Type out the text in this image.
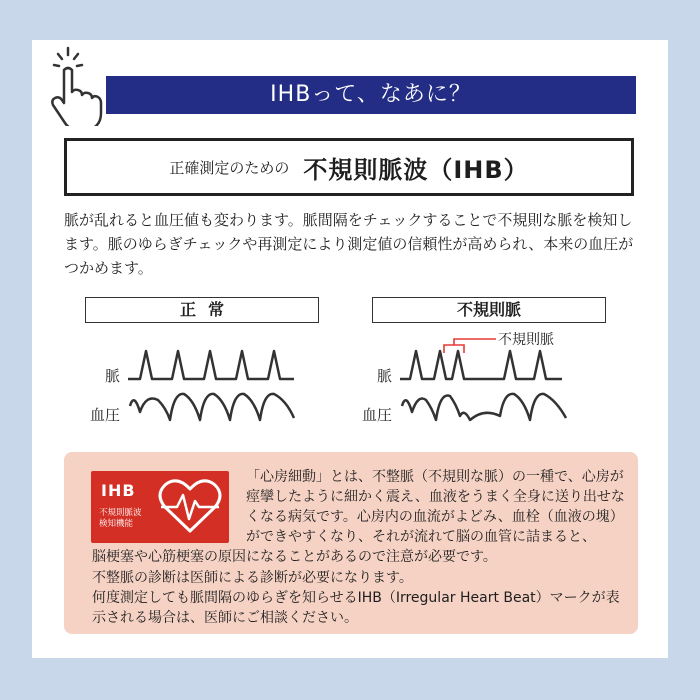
IHBって、なあに？
正確測定のための 不規則脈波（IHB）

脈が乱れると血圧値も変わります。脈間隔をチェックすることで不規則な脈を検知します。脈のゆらぎチェックや再測定により測定値の信頼性が高められ、本来の血圧がつかめます。

正常
脈
血圧
不規則脈
不規則脈
脈
血圧
IHB
不規則脈波
検知機能

「心房細動」とは、不整脈（不規則な脈）の一種で、心房が痙攣したように細かく震え、血液をうまく全身に送り出せなくなる病気です。心房内の血流がよどみ、血栓（血液の塊）ができやすくなり、それが流れて脳の血管に詰まると、

脳梗塞や心筋梗塞の原因になることがあるので注意が必要です。

不整脈の診断は医師による診断が必要になります。

何度測定しても脈間隔のゆらぎを知らせるIHB（Irregular Heart Beat）マークが表示される場合は、医師にご相談ください。
